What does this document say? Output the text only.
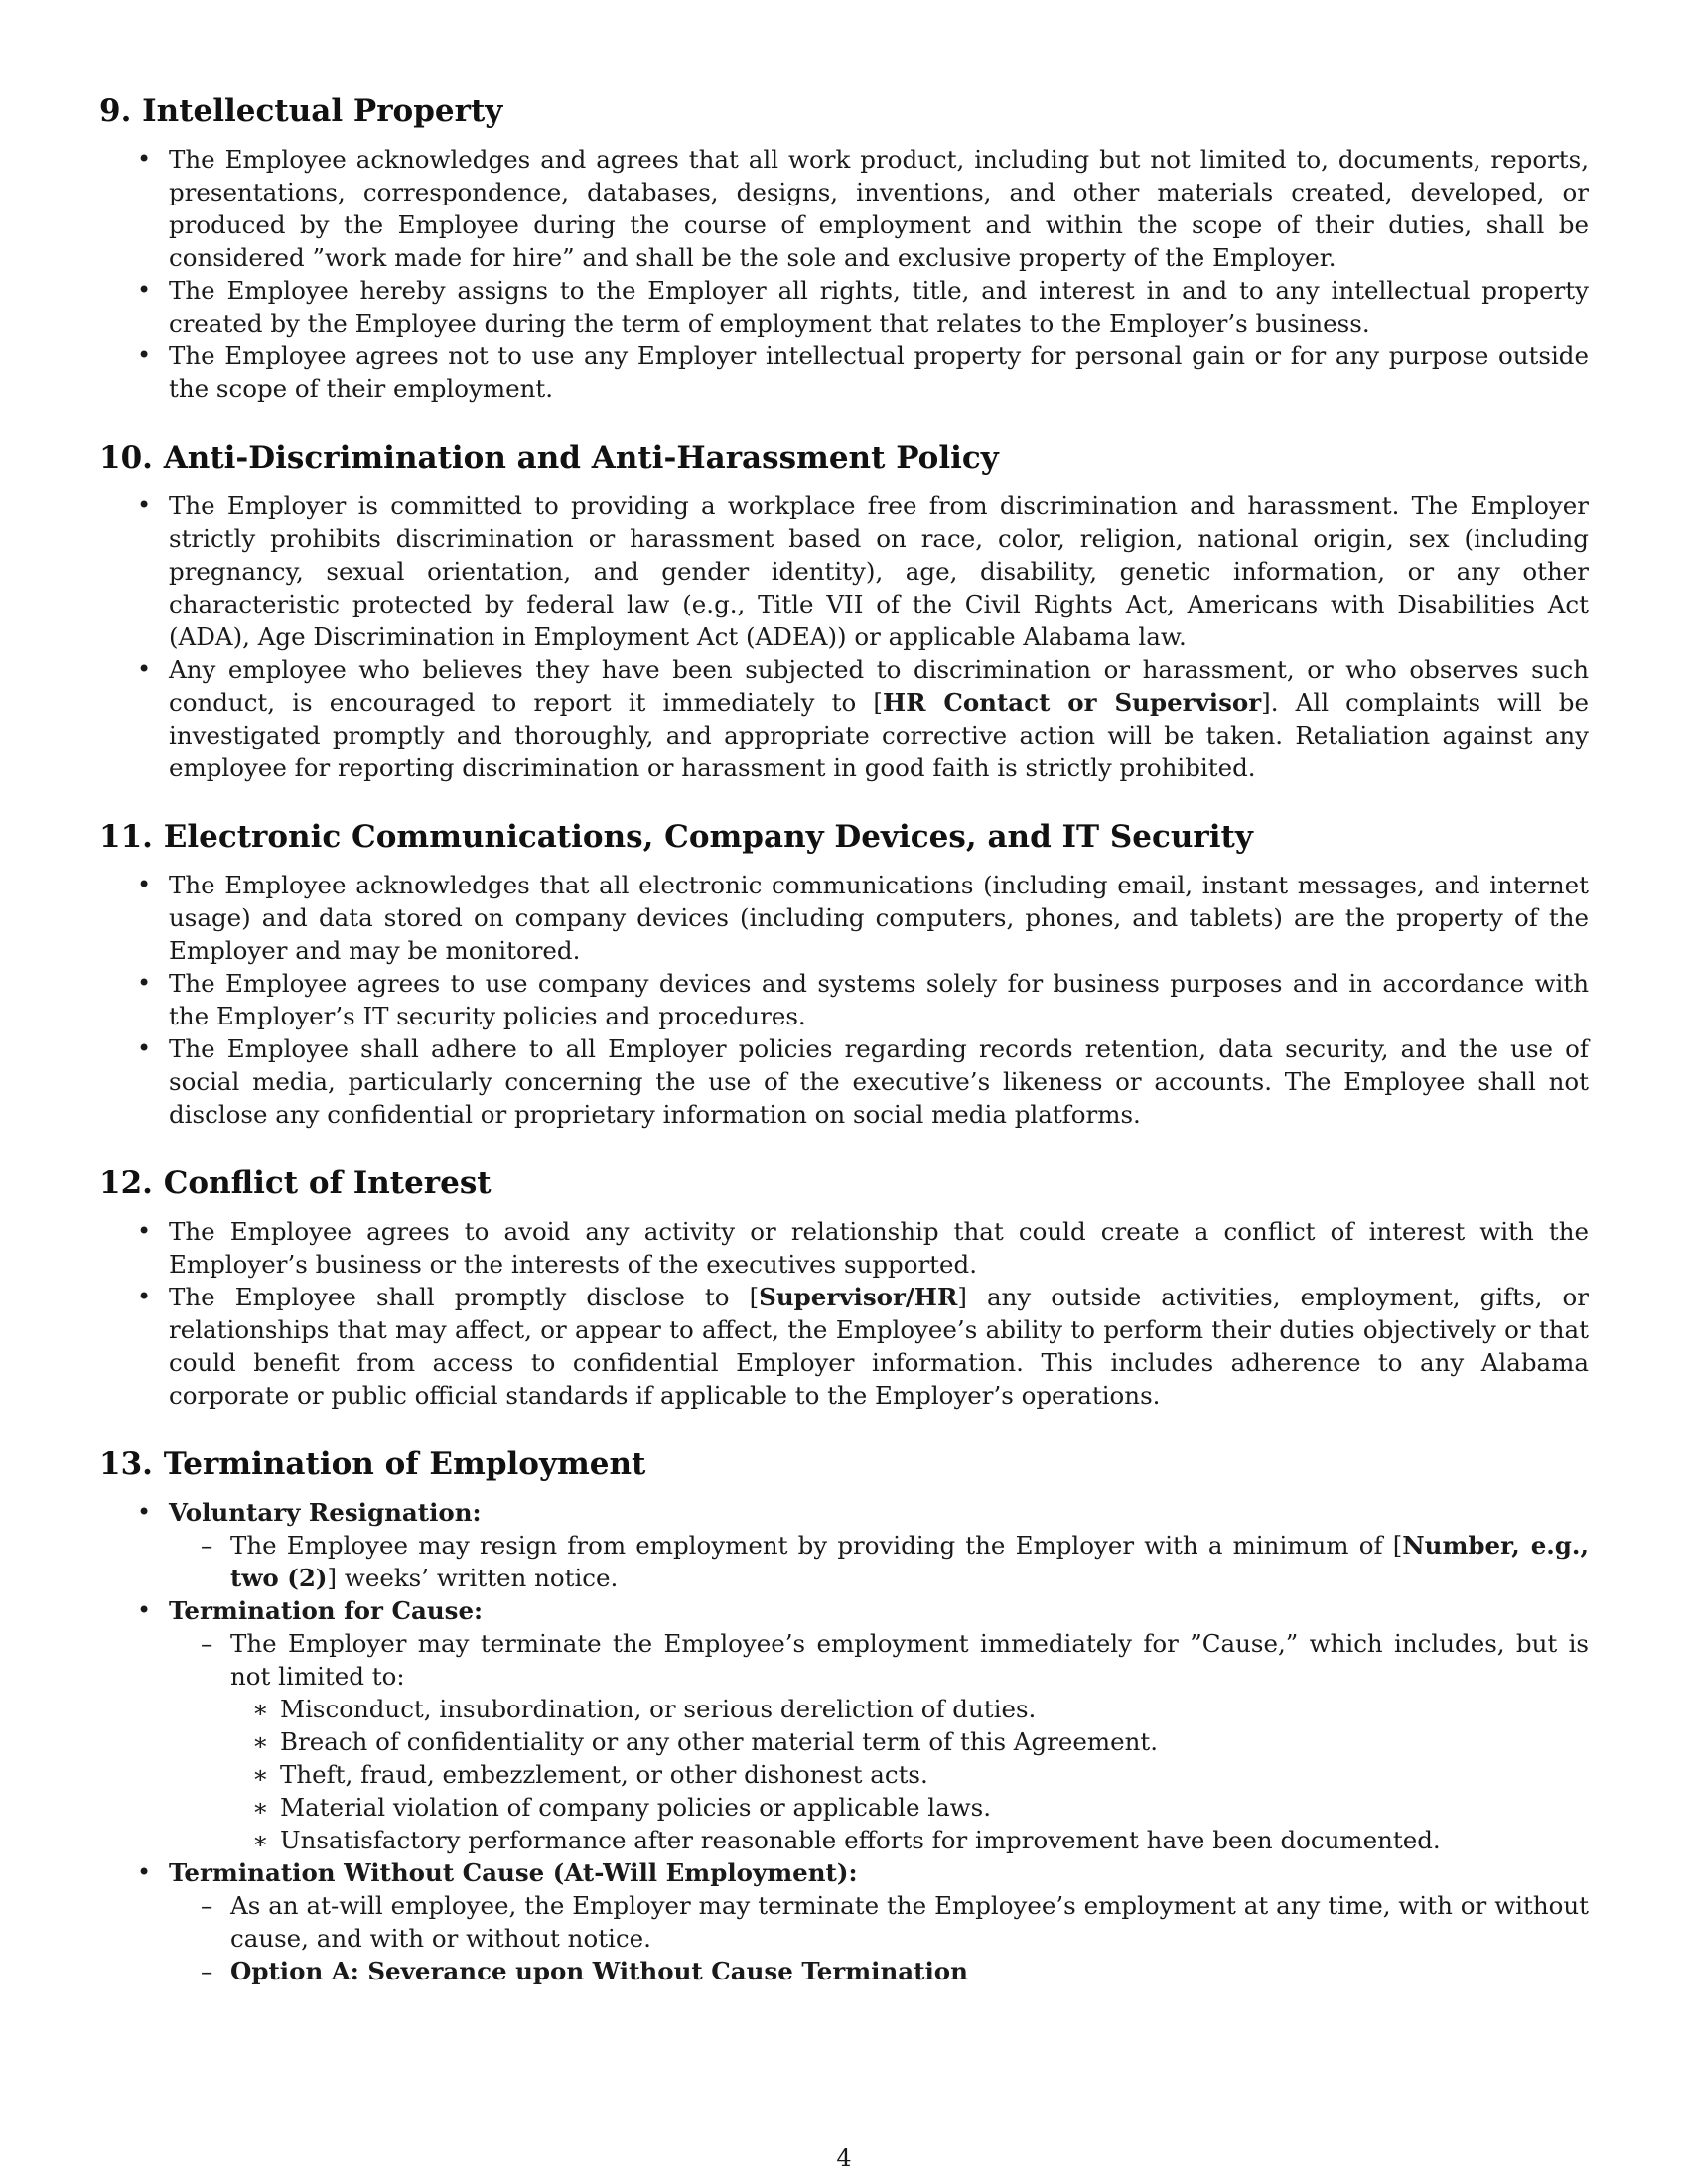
9. Intellectual Property
• The Employee acknowledges and agrees that all work product, including but not limited to, documents, reports, presentations, correspondence, databases, designs, inventions, and other materials created, developed, or produced by the Employee during the course of employment and within the scope of their duties, shall be considered ”work made for hire” and shall be the sole and exclusive property of the Employer.
• The Employee hereby assigns to the Employer all rights, title, and interest in and to any intellectual property created by the Employee during the term of employment that relates to the Employer’s business.
• The Employee agrees not to use any Employer intellectual property for personal gain or for any purpose outside the scope of their employment.
10. Anti-Discrimination and Anti-Harassment Policy
• The Employer is committed to providing a workplace free from discrimination and harassment. The Employer strictly prohibits discrimination or harassment based on race, color, religion, national origin, sex (including pregnancy, sexual orientation, and gender identity), age, disability, genetic information, or any other characteristic protected by federal law (e.g., Title VII of the Civil Rights Act, Americans with Disabilities Act (ADA), Age Discrimination in Employment Act (ADEA)) or applicable Alabama law.
• Any employee who believes they have been subjected to discrimination or harassment, or who observes such conduct, is encouraged to report it immediately to [HR Contact or Supervisor]. All complaints will be investigated promptly and thoroughly, and appropriate corrective action will be taken. Retaliation against any employee for reporting discrimination or harassment in good faith is strictly prohibited.
11. Electronic Communications, Company Devices, and IT Security
• The Employee acknowledges that all electronic communications (including email, instant messages, and internet usage) and data stored on company devices (including computers, phones, and tablets) are the property of the Employer and may be monitored.
• The Employee agrees to use company devices and systems solely for business purposes and in accordance with the Employer’s IT security policies and procedures.
• The Employee shall adhere to all Employer policies regarding records retention, data security, and the use of social media, particularly concerning the use of the executive’s likeness or accounts. The Employee shall not disclose any confidential or proprietary information on social media platforms.
12. Conflict of Interest
• The Employee agrees to avoid any activity or relationship that could create a conflict of interest with the Employer’s business or the interests of the executives supported.
• The Employee shall promptly disclose to [Supervisor/HR] any outside activities, employment, gifts, or relationships that may affect, or appear to affect, the Employee’s ability to perform their duties objectively or that could benefit from access to confidential Employer information. This includes adherence to any Alabama corporate or public official standards if applicable to the Employer’s operations.
13. Termination of Employment
• Voluntary Resignation:
– The Employee may resign from employment by providing the Employer with a minimum of [Number, e.g., two (2)] weeks’ written notice.
• Termination for Cause:
– The Employer may terminate the Employee’s employment immediately for ”Cause,” which includes, but is not limited to:
∗ Misconduct, insubordination, or serious dereliction of duties.
∗ Breach of confidentiality or any other material term of this Agreement.
∗ Theft, fraud, embezzlement, or other dishonest acts.
∗ Material violation of company policies or applicable laws.
∗ Unsatisfactory performance after reasonable efforts for improvement have been documented.
• Termination Without Cause (At-Will Employment):
– As an at-will employee, the Employer may terminate the Employee’s employment at any time, with or without cause, and with or without notice.
– Option A: Severance upon Without Cause Termination
4
